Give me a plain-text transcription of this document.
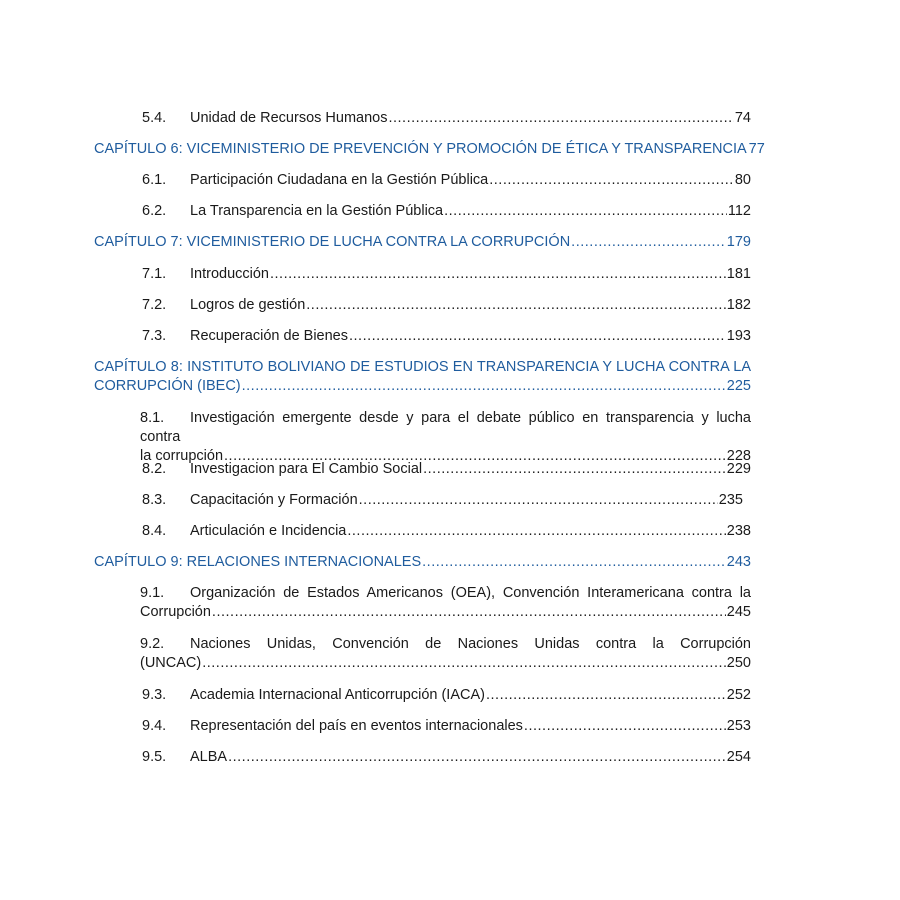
5.4.	Unidad de Recursos Humanos .....	74
CAPÍTULO 6: VICEMINISTERIO DE PREVENCIÓN Y PROMOCIÓN DE ÉTICA Y TRANSPARENCIA 77
6.1.	Participación Ciudadana en la Gestión Pública .....	80
6.2.	La Transparencia en la Gestión Pública .....	112
CAPÍTULO 7: VICEMINISTERIO DE LUCHA CONTRA LA CORRUPCIÓN .....	179
7.1.	Introducción .....	181
7.2.	Logros de gestión .....	182
7.3.	Recuperación de Bienes .....	193
CAPÍTULO 8: INSTITUTO BOLIVIANO DE ESTUDIOS EN TRANSPARENCIA Y LUCHA CONTRA LA
CORRUPCIÓN (IBEC) .....	225
8.1. Investigación emergente desde y para el debate público en transparencia y lucha contra
la corrupción .....	228
8.2.	Investigacion para El Cambio Social .....	229
8.3.	Capacitación y Formación .....	235
8.4.	Articulación e Incidencia .....	238
CAPÍTULO 9: RELACIONES INTERNACIONALES .....	243
9.1. Organización de Estados Americanos (OEA), Convención Interamericana contra la
Corrupción .....	245
9.2. Naciones Unidas, Convención de Naciones Unidas contra la Corrupción
(UNCAC) .....	250
9.3.	Academia Internacional Anticorrupción (IACA) .....	252
9.4.	Representación del país en eventos internacionales .....	253
9.5.	ALBA .....	254
